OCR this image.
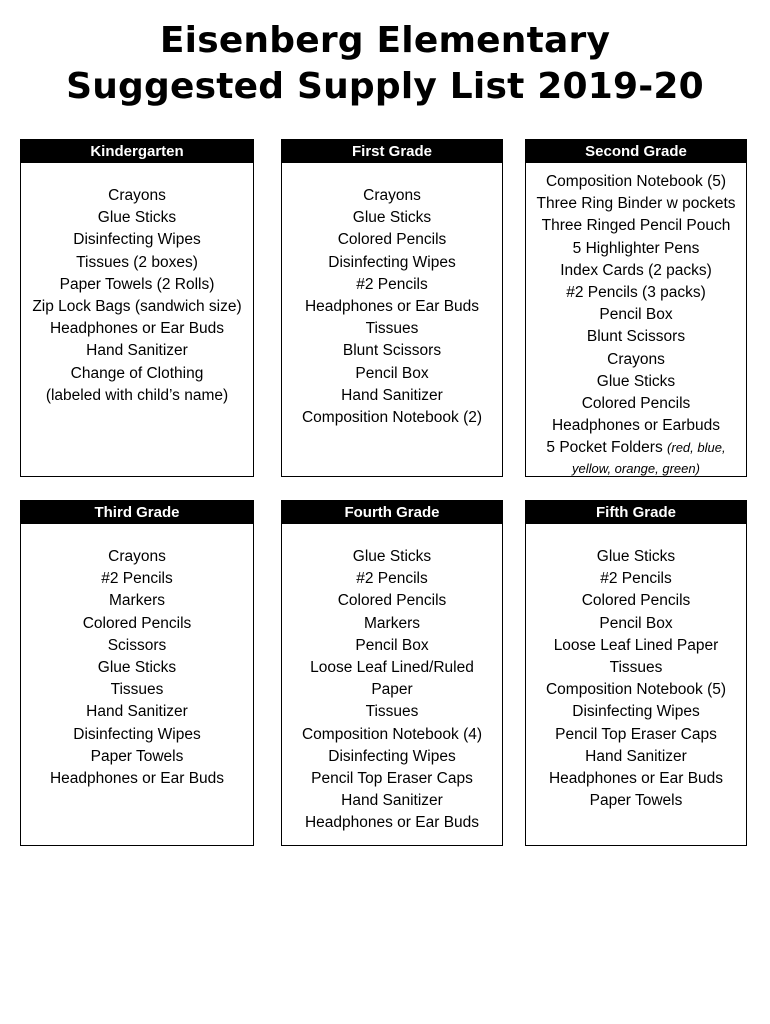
Eisenberg Elementary
Suggested Supply List 2019-20
Kindergarten
Crayons
Glue Sticks
Disinfecting Wipes
Tissues (2 boxes)
Paper Towels (2 Rolls)
Zip Lock Bags (sandwich size)
Headphones or Ear Buds
Hand Sanitizer
Change of Clothing
(labeled with child’s name)
First Grade
Crayons
Glue Sticks
Colored Pencils
Disinfecting Wipes
#2 Pencils
Headphones or Ear Buds
Tissues
Blunt Scissors
Pencil Box
Hand Sanitizer
Composition Notebook (2)
Second Grade
Composition Notebook (5)
Three Ring Binder w pockets
Three Ringed Pencil Pouch
5 Highlighter Pens
Index Cards (2 packs)
#2 Pencils (3 packs)
Pencil Box
Blunt Scissors
Crayons
Glue Sticks
Colored Pencils
Headphones or Earbuds
5 Pocket Folders (red, blue,
yellow, orange, green)
Third Grade
Crayons
#2 Pencils
Markers
Colored Pencils
Scissors
Glue Sticks
Tissues
Hand Sanitizer
Disinfecting Wipes
Paper Towels
Headphones or Ear Buds
Fourth Grade
Glue Sticks
#2 Pencils
Colored Pencils
Markers
Pencil Box
Loose Leaf Lined/Ruled
Paper
Tissues
Composition Notebook (4)
Disinfecting Wipes
Pencil Top Eraser Caps
Hand Sanitizer
Headphones or Ear Buds
Fifth Grade
Glue Sticks
#2 Pencils
Colored Pencils
Pencil Box
Loose Leaf Lined Paper
Tissues
Composition Notebook (5)
Disinfecting Wipes
Pencil Top Eraser Caps
Hand Sanitizer
Headphones or Ear Buds
Paper Towels
